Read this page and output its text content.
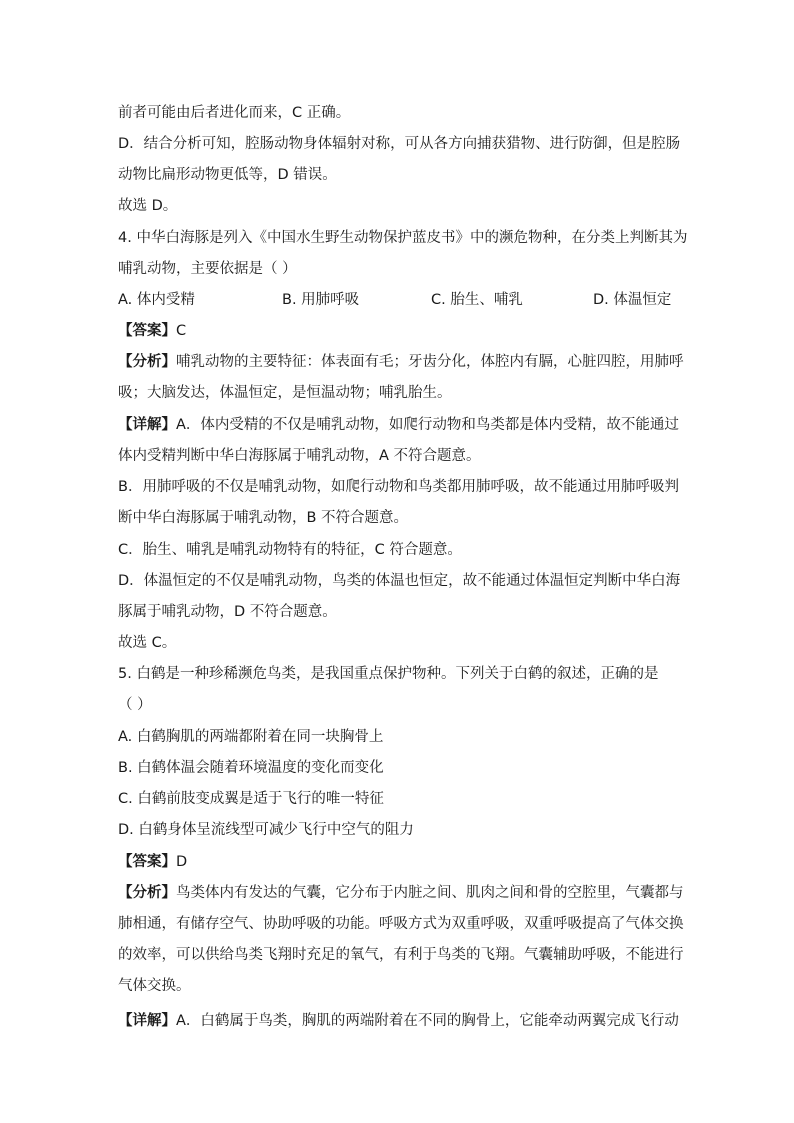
前者可能由后者进化而来，C 正确。
D．结合分析可知，腔肠动物身体辐射对称，可从各方向捕获猎物、进行防御，但是腔肠
动物比扁形动物更低等，D 错误。
故选 D。
4. 中华白海豚是列入《中国水生野生动物保护蓝皮书》中的濒危物种，在分类上判断其为
哺乳动物，主要依据是（ ）
A. 体内受精	B. 用肺呼吸	C. 胎生、哺乳	D. 体温恒定
【答案】C
【分析】哺乳动物的主要特征：体表面有毛；牙齿分化，体腔内有膈，心脏四腔，用肺呼
吸；大脑发达，体温恒定，是恒温动物；哺乳胎生。
【详解】A．体内受精的不仅是哺乳动物，如爬行动物和鸟类都是体内受精，故不能通过
体内受精判断中华白海豚属于哺乳动物，A 不符合题意。
B．用肺呼吸的不仅是哺乳动物，如爬行动物和鸟类都用肺呼吸，故不能通过用肺呼吸判
断中华白海豚属于哺乳动物，B 不符合题意。
C．胎生、哺乳是哺乳动物特有的特征，C 符合题意。
D．体温恒定的不仅是哺乳动物，鸟类的体温也恒定，故不能通过体温恒定判断中华白海
豚属于哺乳动物，D 不符合题意。
故选 C。
5. 白鹤是一种珍稀濒危鸟类，是我国重点保护物种。下列关于白鹤的叙述，正确的是
（ ）
A. 白鹤胸肌的两端都附着在同一块胸骨上
B. 白鹤体温会随着环境温度的变化而变化
C. 白鹤前肢变成翼是适于飞行的唯一特征
D. 白鹤身体呈流线型可减少飞行中空气的阻力
【答案】D
【分析】鸟类体内有发达的气囊，它分布于内脏之间、肌肉之间和骨的空腔里，气囊都与
肺相通，有储存空气、协助呼吸的功能。呼吸方式为双重呼吸，双重呼吸提高了气体交换
的效率，可以供给鸟类飞翔时充足的氧气，有利于鸟类的飞翔。气囊辅助呼吸，不能进行
气体交换。
【详解】A．白鹤属于鸟类，胸肌的两端附着在不同的胸骨上，它能牵动两翼完成飞行动
